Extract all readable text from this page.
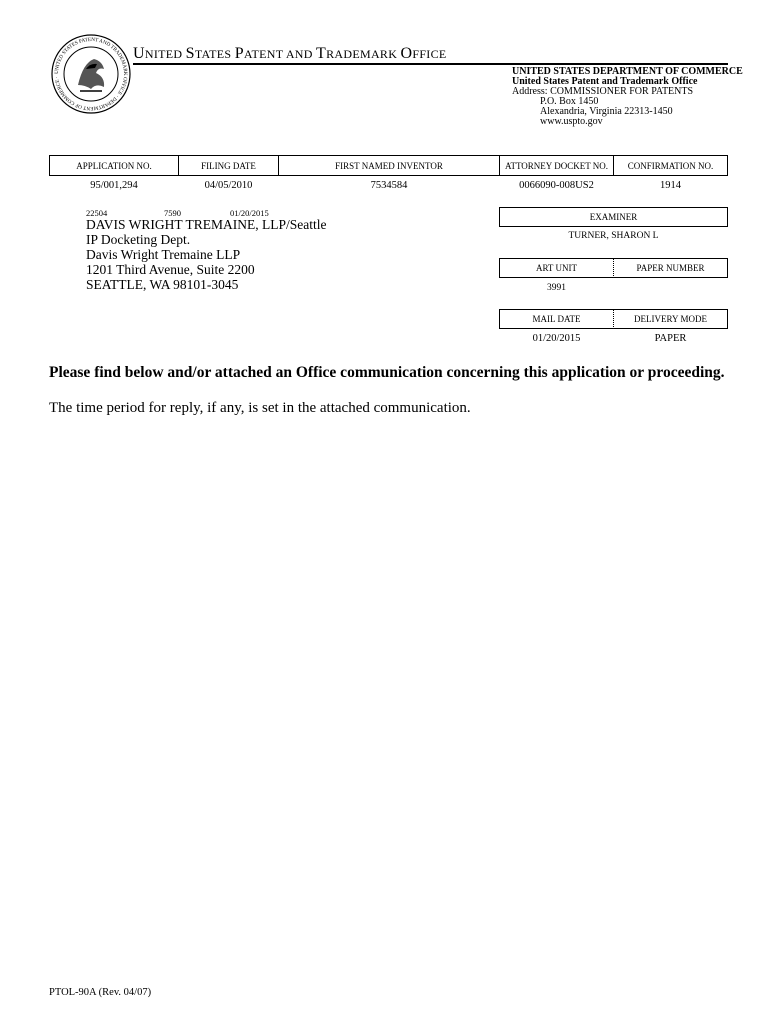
UNITED STATES PATENT AND TRADEMARK OFFICE · DEPARTMENT OF COMMERCE ·
UNITED STATES PATENT AND TRADEMARK OFFICE
UNITED STATES DEPARTMENT OF COMMERCE
United States Patent and Trademark Office
Address: COMMISSIONER FOR PATENTS
P.O. Box 1450
Alexandria, Virginia 22313-1450
www.uspto.gov
APPLICATION NO.	FILING DATE	FIRST NAMED INVENTOR	ATTORNEY DOCKET NO.	CONFIRMATION NO.
95/001,294	04/05/2010	7534584	0066090-008US2	1914
22504	7590	01/20/2015
DAVIS WRIGHT TREMAINE, LLP/Seattle
IP Docketing Dept.
Davis Wright Tremaine LLP
1201 Third Avenue, Suite 2200
SEATTLE, WA 98101-3045
EXAMINER
TURNER, SHARON L
ART UNIT	PAPER NUMBER
3991
MAIL DATE	DELIVERY MODE
01/20/2015	PAPER
Please find below and/or attached an Office communication concerning this application or proceeding.
The time period for reply, if any, is set in the attached communication.
PTOL-90A (Rev. 04/07)
